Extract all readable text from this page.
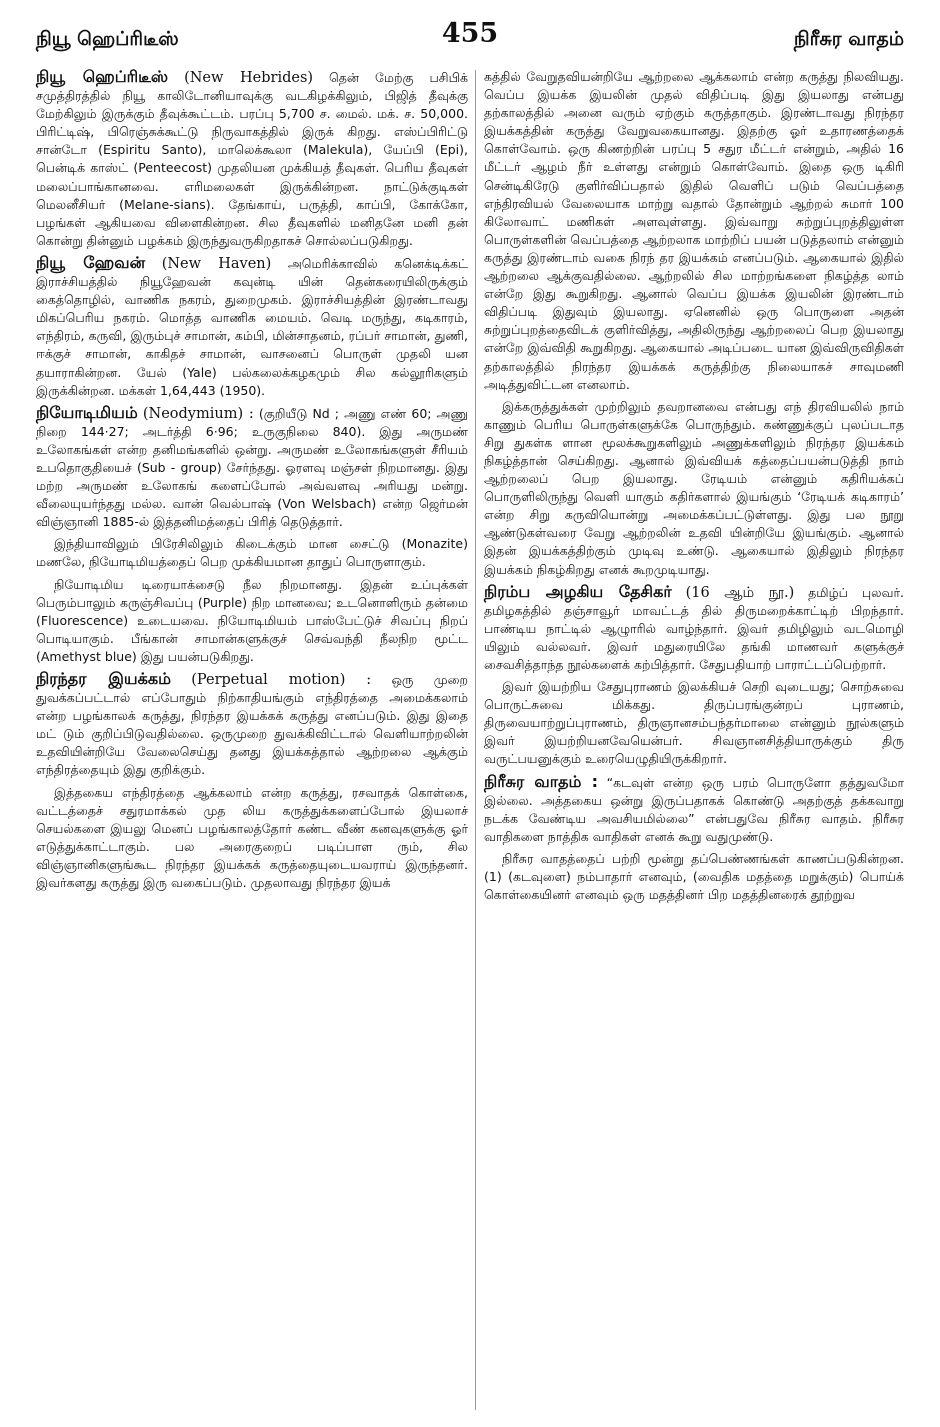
நியூ ஹெப்ரிடீஸ்	455	நிரீசுர வாதம்

நியூ ஹெப்ரிடீஸ் (New Hebrides) தென் மேற்கு பசிபிக் சமுத்திரத்தில் நியூ காலிடோனியாவுக்கு வடகிழக்கிலும், பிஜித் தீவுக்கு மேற்கிலும் இருக்கும் தீவுக்கூட்டம். பரப்பு 5,700 ச. மைல். மக். ச. 50,000. பிரிட்டிஷ், பிரெஞ்சுக்கூட்டு நிருவாகத்தில் இருக் கிறது. எஸ்ப்பிரிட்டு சான்டோ (Espiritu Santo), மாலெக்கூலா (Malekula), யேப்பி (Epi), பென்டிக் காஸ்ட் (Penteecost) முதலியன முக்கியத் தீவுகள். பெரிய தீவுகள் மலைப்பாங்கானவை. எரிமலைகள் இருக்கின்றன. நாட்டுக்குடிகள் மெலனீசியர் (Melane-sians). தேங்காய், பருத்தி, காப்பி, கோக்கோ, பழங்கள் ஆகியவை விளைகின்றன. சில தீவுகளில் மனிதனே மனி தன் கொன்று தின்னும் பழக்கம் இருந்துவருகிறதாகச் சொல்லப்படுகிறது.

நியூ ஹேவன் (New Haven) அமெரிக்காவில் கனெக்டிக்கட் இராச்சியத்தில் நியூஹேவன் கவுன்டி யின் தென்கரையிலிருக்கும் கைத்தொழில், வாணிக நகரம், துறைமுகம். இராச்சியத்தின் இரண்டாவது மிகப்பெரிய நகரம். மொத்த வாணிக மையம். வெடி மருந்து, கடிகாரம், எந்திரம், கருவி, இரும்புச் சாமான், கம்பி, மின்சாதனம், ரப்பர் சாமான், துணி, ஈக்குச் சாமான், காகிதச் சாமான், வாசனைப் பொருள் முதலி யன தயாராகின்றன. யேல் (Yale) பல்கலைக்கழகமும் சில கல்லூரிகளும் இருக்கின்றன. மக்கள் 1,64,443 (1950).

நியோடிமியம் (Neodymium) : (குறியீடு Nd ; அணு எண் 60; அணு நிறை 144·27; அடர்த்தி 6·96; உருகுநிலை 840). இது அருமண் உலோகங்கள் என்ற தனிமங்களில் ஒன்று. அருமண் உலோகங்களுள் சீரியம் உபதொகுதியைச் (Sub - group) சேர்ந்தது. ஓரளவு மஞ்சள் நிறமானது. இது மற்ற அருமண் உலோகங் களைப்போல் அவ்வளவு அரியது மன்று. வீலையுயர்ந்தது மல்ல. வான் வெல்பாஷ் (Von Welsbach) என்ற ஜெர்மன் விஞ்ஞானி 1885-ல் இத்தனிமத்தைப் பிரித் தெடுத்தார்.

இந்தியாவிலும் பிரேசிலிலும் கிடைக்கும் மான சைட்டு (Monazite) மணலே, நியோடிமியத்தைப் பெற முக்கியமான தாதுப் பொருளாகும்.

நியோடிமிய டிரையாக்சைடு நீல நிறமானது. இதன் உப்புக்கள் பெரும்பாலும் கருஞ்சிவப்பு (Purple) நிற மானவை; உடனொளிரும் தன்மை (Fluorescence) உடையவை. நியோடிமியம் பாஸ்பேட்டுச் சிவப்பு நிறப் பொடியாகும். பீங்கான் சாமான்களுக்குச் செவ்வந்தி நீலநிற மூட்ட (Amethyst blue) இது பயன்படுகிறது.

நிரந்தர இயக்கம் (Perpetual motion) : ஒரு முறை துவக்கப்பட்டால் எப்போதும் நிற்காதியங்கும் எந்திரத்தை அமைக்கலாம் என்ற பழங்காலக் கருத்து, நிரந்தர இயக்கக் கருத்து எனப்படும். இது இதை மட் டும் குறிப்பிடுவதில்லை. ஒருமுறை துவக்கிவிட்டால் வெளியாற்றலின் உதவியின்றியே வேலைசெய்து தனது இயக்கத்தால் ஆற்றலை ஆக்கும் எந்திரத்தையும் இது குறிக்கும்.

இத்தகைய எந்திரத்தை ஆக்கலாம் என்ற கருத்து, ரசவாதக் கொள்கை, வட்டத்தைச் சதுரமாக்கல் முத லிய கருத்துக்களைப்போல் இயலாச் செயல்களை இயலு மெனப் பழங்காலத்தோர் கண்ட வீண் கனவுகளுக்கு ஓர் எடுத்துக்காட்டாகும். பல அரைகுறைப் படிப்பாள ரும், சில விஞ்ஞானிகளுங்கூட நிரந்தர இயக்கக் கருத்தையுடையவராய் இருந்தனர். இவர்களது கருத்து இரு வகைப்படும். முதலாவது நிரந்தர இயக்

கத்தில் வேறுதவியன்றியே ஆற்றலை ஆக்கலாம் என்ற கருத்து நிலவியது. வெப்ப இயக்க இயலின் முதல் விதிப்படி இது இயலாது என்பது தற்காலத்தில் அனை வரும் ஏற்கும் கருத்தாகும். இரண்டாவது நிரந்தர இயக்கத்தின் கருத்து வேறுவகையானது. இதற்கு ஓர் உதாரணத்தைக் கொள்வோம். ஒரு கிணற்றின் பரப்பு 5 சதுர மீட்டர் என்றும், அதில் 16 மீட்டர் ஆழம் நீர் உள்ளது என்றும் கொள்வோம். இதை ஒரு டிகிரி சென்டிகிரேடு குளிர்விப்பதால் இதில் வெளிப் படும் வெப்பத்தை எந்திரவியல் வேலையாக மாற்று வதால் தோன்றும் ஆற்றல் சுமார் 100 கிலோவாட் மணிகள் அளவுள்ளது. இவ்வாறு சுற்றுப்புறத்திலுள்ள பொருள்களின் வெப்பத்தை ஆற்றலாக மாற்றிப் பயன் படுத்தலாம் என்னும் கருத்து இரண்டாம் வகை நிரந் தர இயக்கம் எனப்படும். ஆகையால் இதில் ஆற்றலை ஆக்குவதில்லை. ஆற்றலில் சில மாற்றங்களை நிகழ்த்த லாம் என்றே இது கூறுகிறது. ஆனால் வெப்ப இயக்க இயலின் இரண்டாம் விதிப்படி இதுவும் இயலாது. ஏனெனில் ஒரு பொருளை அதன் சுற்றுப்புறத்தைவிடக் குளிர்வித்து, அதிலிருந்து ஆற்றலைப் பெற இயலாது என்றே இவ்விதி கூறுகிறது. ஆகையால் அடிப்படை யான இவ்விருவிதிகள் தற்காலத்தில் நிரந்தர இயக்கக் கருத்திற்கு நிலையாகச் சாவுமணி அடித்துவிட்டன எனலாம்.

இக்கருத்துக்கள் முற்றிலும் தவறானவை என்பது எந் திரவியலில் நாம் காணும் பெரிய பொருள்களுக்கே பொருந்தும். கண்ணுக்குப் புலப்படாத சிறு துகள்க ளான மூலக்கூறுகளிலும் அணுக்களிலும் நிரந்தர இயக்கம் நிகழ்த்தான் செய்கிறது. ஆனால் இவ்வியக் கத்தைப்பயன்படுத்தி நாம் ஆற்றலைப் பெற இயலாது. ரேடியம் என்னும் கதிரியக்கப் பொருளிலிருந்து வெளி யாகும் கதிர்களால் இயங்கும் ‘ரேடியக் கடிகாரம்’ என்ற சிறு கருவியொன்று அமைக்கப்பட்டுள்ளது. இது பல நூறு ஆண்டுகள்வரை வேறு ஆற்றலின் உதவி யின்றியே இயங்கும். ஆனால் இதன் இயக்கத்திற்கும் முடிவு உண்டு. ஆகையால் இதிலும் நிரந்தர இயக்கம் நிகழ்கிறது எனக் கூறமுடியாது.

நிரம்ப அழகிய தேசிகர் (16 ஆம் நூ.) தமிழ்ப் புலவர். தமிழகத்தில் தஞ்சாவூர் மாவட்டத் தில் திருமறைக்காட்டிற் பிறந்தார். பாண்டிய நாட்டில் ஆழுாரில் வாழ்ந்தார். இவர் தமிழிலும் வடமொழி யிலும் வல்லவர். இவர் மதுரையிலே தங்கி மாணவர் களுக்குச் சைவசித்தாந்த நூல்களைக் கற்பித்தார். சேதுபதியாற் பாராட்டப்பெற்றார்.

இவர் இயற்றிய சேதுபுராணம் இலக்கியச் செறி வுடையது; சொற்சுவை பொருட்சுவை மிக்கது. திருப்பரங்குன்றப் புராணம், திருவையாற்றுப்புராணம், திருஞானசம்பந்தர்மாலை என்னும் நூல்களும் இவர் இயற்றியனவேயென்பர். சிவஞானசித்தியாருக்கும் திரு வருட்பயனுக்கும் உரையெழுதியிருக்கிறார்.

நிரீசுர வாதம் : “கடவுள் என்ற ஒரு பரம் பொருளோ தத்துவமோ இல்லை. அத்தகைய ஒன்று இருப்பதாகக் கொண்டு அதற்குத் தக்கவாறு நடக்க வேண்டிய அவசியமில்லை” என்பதுவே நிரீசுர வாதம். நிரீசுர வாதிகளை நாத்திக வாதிகள் எனக் கூறு வதுமுண்டு.

நிரீசுர வாதத்தைப் பற்றி மூன்று தப்பெண்ணங்கள் காணப்படுகின்றன. (1) (கடவுளை) நம்பாதார் எனவும், (வைதிக மதத்தை மறுக்கும்) பொய்க் கொள்கையினர் எனவும் ஒரு மதத்தினர் பிற மதத்தினரைக் தூற்றுவ
